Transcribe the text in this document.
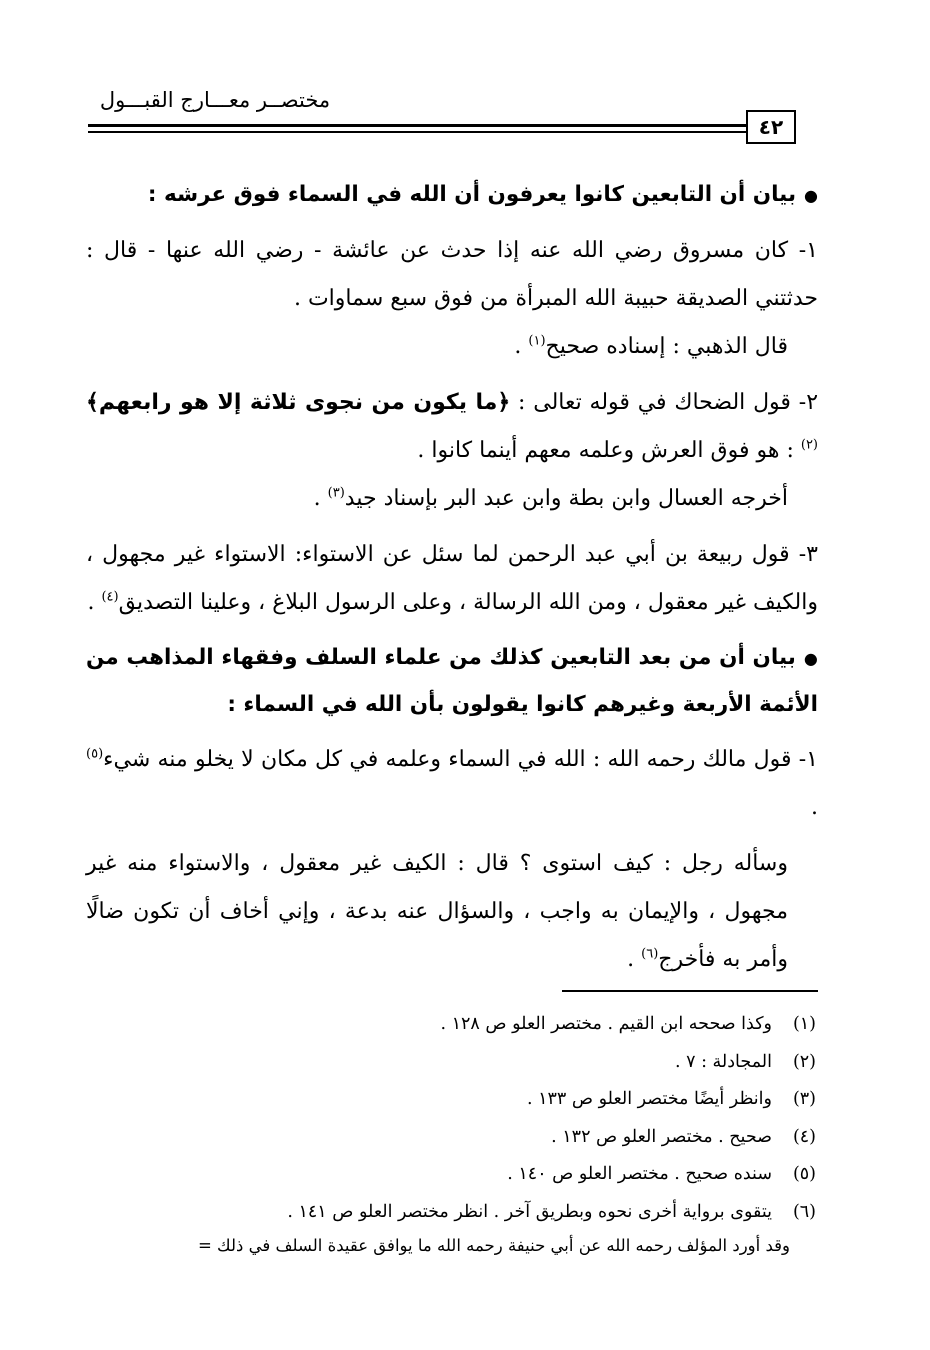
مختصــر معـــارج القبـــول
٤٢

●بيان أن التابعين كانوا يعرفون أن الله في السماء فوق عرشه :

١- كان مسروق رضي الله عنه إذا حدث عن عائشة - رضي الله عنها - قال : حدثتني الصديقة حبيبة الله المبرأة من فوق سبع سماوات .

قال الذهبي : إسناده صحيح$^{(١)}$ .

٢- قول الضحاك في قوله تعالى : ﴿ما يكون من نجوى ثلاثة إلا هو رابعهم﴾$^{(٢)}$ : هو فوق العرش وعلمه معهم أينما كانوا .

أخرجه العسال وابن بطة وابن عبد البر بإسناد جيد$^{(٣)}$ .

٣- قول ربيعة بن أبي عبد الرحمن لما سئل عن الاستواء: الاستواء غير مجهول ، والكيف غير معقول ، ومن الله الرسالة ، وعلى الرسول البلاغ ، وعلينا التصديق$^{(٤)}$ .

●بيان أن من بعد التابعين كذلك من علماء السلف وفقهاء المذاهب من الأئمة الأربعة وغيرهم كانوا يقولون بأن الله في السماء :

١- قول مالك رحمه الله : الله في السماء وعلمه في كل مكان لا يخلو منه شيء$^{(٥)}$ .

وسأله رجل : كيف استوى ؟ قال : الكيف غير معقول ، والاستواء منه غير مجهول ، والإيمان به واجب ، والسؤال عنه بدعة ، وإني أخاف أن تكون ضالًا وأمر به فأخرج$^{(٦)}$ .

(١)وكذا صححه ابن القيم . مختصر العلو ص ١٢٨ .
(٢)المجادلة : ٧ .
(٣)وانظر أيضًا مختصر العلو ص ١٣٣ .
(٤)صحيح . مختصر العلو ص ١٣٢ .
(٥)سنده صحيح . مختصر العلو ص ١٤٠ .
(٦)يتقوى برواية أخرى نحوه وبطريق آخر . انظر مختصر العلو ص ١٤١ .
وقد أورد المؤلف رحمه الله عن أبي حنيفة رحمه الله ما يوافق عقيدة السلف في ذلك =
